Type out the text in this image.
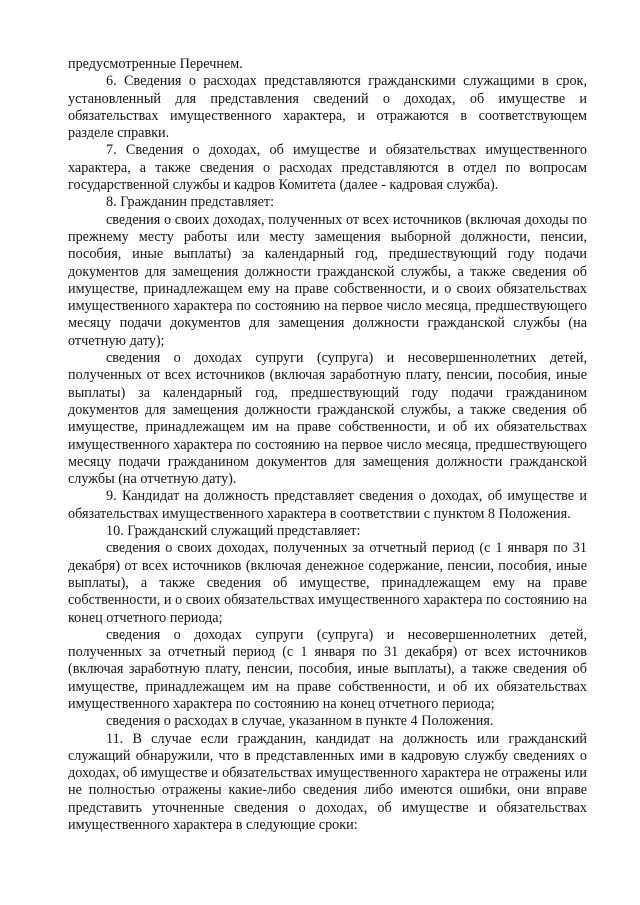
предусмотренные Перечнем.

6. Сведения о расходах представляются гражданскими служащими в срок, установленный для представления сведений о доходах, об имуществе и обязательствах имущественного характера, и отражаются в соответствующем разделе справки.

7. Сведения о доходах, об имуществе и обязательствах имущественного характера, а также сведения о расходах представляются в отдел по вопросам государственной службы и кадров Комитета (далее - кадровая служба).

8. Гражданин представляет:

сведения о своих доходах, полученных от всех источников (включая доходы по прежнему месту работы или месту замещения выборной должности, пенсии, пособия, иные выплаты) за календарный год, предшествующий году подачи документов для замещения должности гражданской службы, а также сведения об имуществе, принадлежащем ему на праве собственности, и о своих обязательствах имущественного характера по состоянию на первое число месяца, предшествующего месяцу подачи документов для замещения должности гражданской службы (на отчетную дату);

сведения о доходах супруги (супруга) и несовершеннолетних детей, полученных от всех источников (включая заработную плату, пенсии, пособия, иные выплаты) за календарный год, предшествующий году подачи гражданином документов для замещения должности гражданской службы, а также сведения об имуществе, принадлежащем им на праве собственности, и об их обязательствах имущественного характера по состоянию на первое число месяца, предшествующего месяцу подачи гражданином документов для замещения должности гражданской службы (на отчетную дату).

9. Кандидат на должность представляет сведения о доходах, об имуществе и обязательствах имущественного характера в соответствии с пунктом 8 Положения.

10. Гражданский служащий представляет:

сведения о своих доходах, полученных за отчетный период (с 1 января по 31 декабря) от всех источников (включая денежное содержание, пенсии, пособия, иные выплаты), а также сведения об имуществе, принадлежащем ему на праве собственности, и о своих обязательствах имущественного характера по состоянию на конец отчетного периода;

сведения о доходах супруги (супруга) и несовершеннолетних детей, полученных за отчетный период (с 1 января по 31 декабря) от всех источников (включая заработную плату, пенсии, пособия, иные выплаты), а также сведения об имуществе, принадлежащем им на праве собственности, и об их обязательствах имущественного характера по состоянию на конец отчетного периода;

сведения о расходах в случае, указанном в пункте 4 Положения.

11. В случае если гражданин, кандидат на должность или гражданский служащий обнаружили, что в представленных ими в кадровую службу сведениях о доходах, об имуществе и обязательствах имущественного характера не отражены или не полностью отражены какие-либо сведения либо имеются ошибки, они вправе представить уточненные сведения о доходах, об имуществе и обязательствах имущественного характера в следующие сроки:
